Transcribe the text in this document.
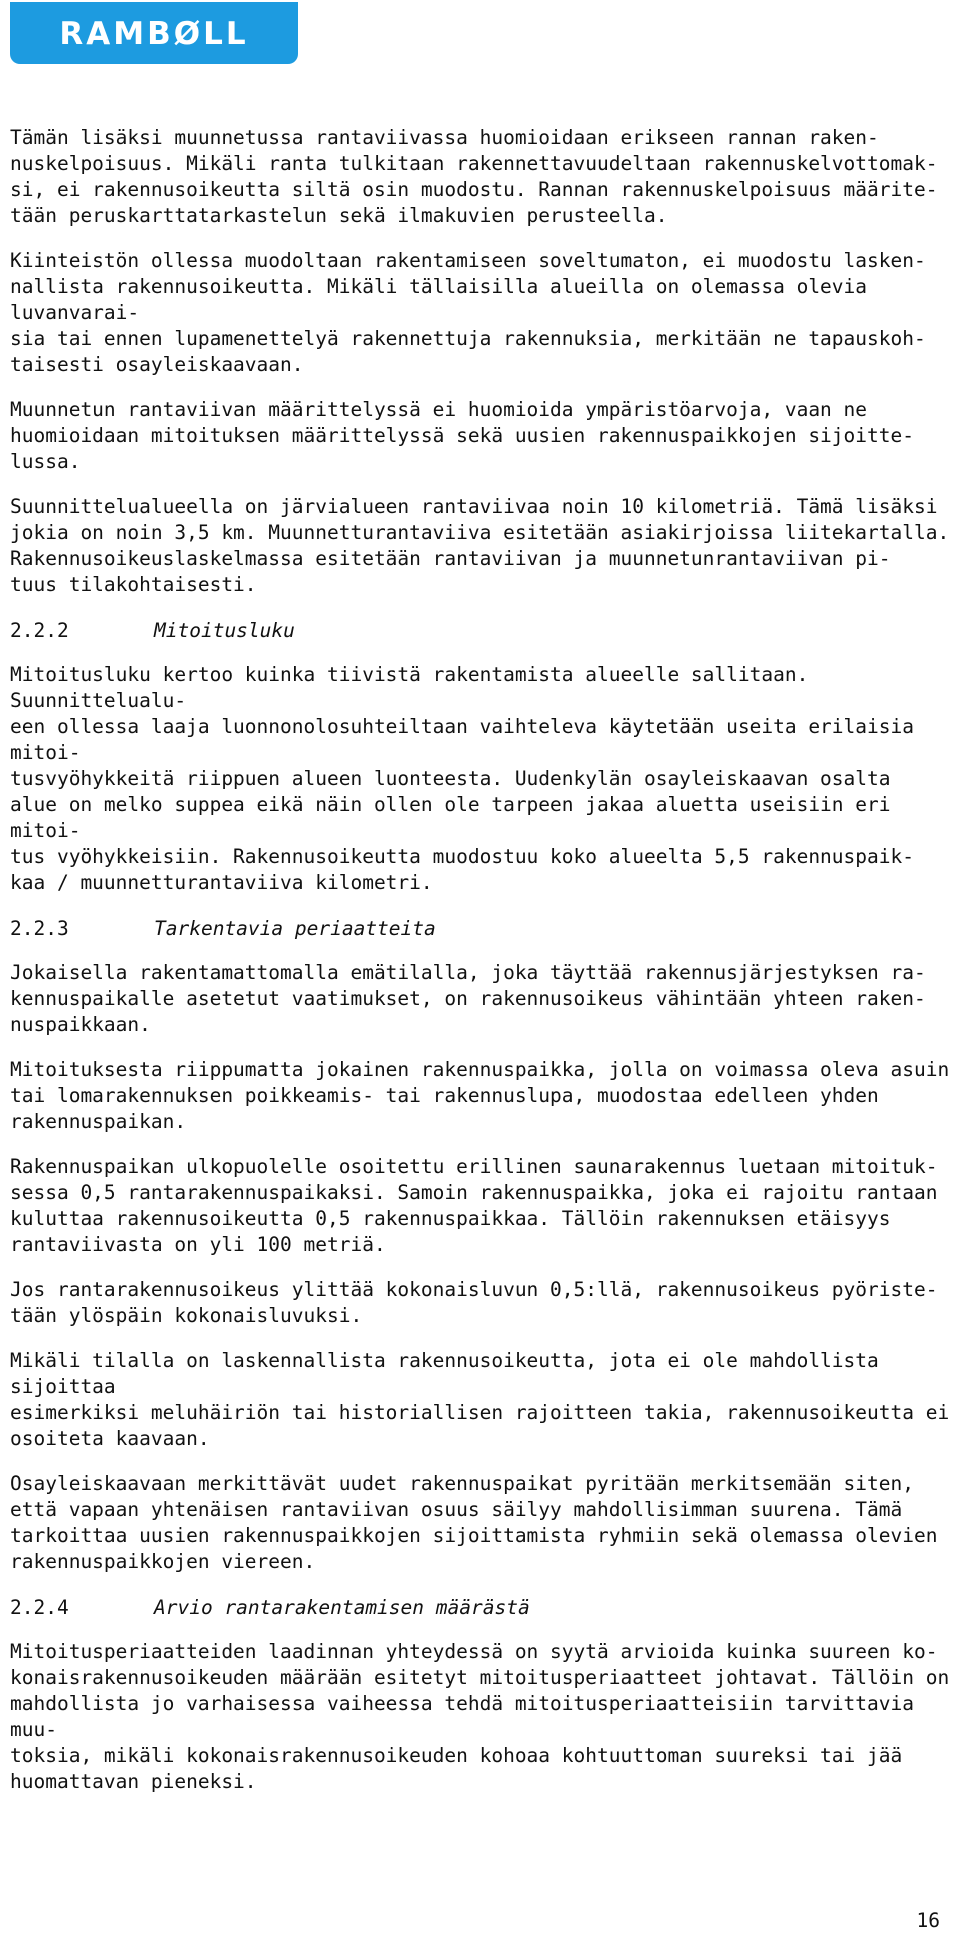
RAMBØLL

Tämän lisäksi muunnetussa rantaviivassa huomioidaan erikseen rannan raken-
nuskelpoisuus. Mikäli ranta tulkitaan rakennettavuudeltaan rakennuskelvottomak-
si, ei rakennusoikeutta siltä osin muodostu. Rannan rakennuskelpoisuus määrite-
tään peruskarttatarkastelun sekä ilmakuvien perusteella.

Kiinteistön ollessa muodoltaan rakentamiseen soveltumaton, ei muodostu lasken-
nallista rakennusoikeutta. Mikäli tällaisilla alueilla on olemassa olevia luvanvarai-
sia tai ennen lupamenettelyä rakennettuja rakennuksia, merkitään ne tapauskoh-
taisesti osayleiskaavaan.

Muunnetun rantaviivan määrittelyssä ei huomioida ympäristöarvoja, vaan ne
huomioidaan mitoituksen määrittelyssä sekä uusien rakennuspaikkojen sijoitte-
lussa.

Suunnittelualueella on järvialueen rantaviivaa noin 10 kilometriä. Tämä lisäksi
jokia on noin 3,5 km. Muunnetturantaviiva esitetään asiakirjoissa liitekartalla.
Rakennusoikeuslaskelmassa esitetään rantaviivan ja muunnetunrantaviivan pi-
tuus tilakohtaisesti.

2.2.2	Mitoitusluku

Mitoitusluku kertoo kuinka tiivistä rakentamista alueelle sallitaan. Suunnittelualu-
een ollessa laaja luonnonolosuhteiltaan vaihteleva käytetään useita erilaisia mitoi-
tusvyöhykkeitä riippuen alueen luonteesta. Uudenkylän osayleiskaavan osalta
alue on melko suppea eikä näin ollen ole tarpeen jakaa aluetta useisiin eri mitoi-
tus vyöhykkeisiin. Rakennusoikeutta muodostuu koko alueelta 5,5 rakennuspaik-
kaa / muunnetturantaviiva kilometri.

2.2.3	Tarkentavia periaatteita

Jokaisella rakentamattomalla emätilalla, joka täyttää rakennusjärjestyksen ra-
kennuspaikalle asetetut vaatimukset, on rakennusoikeus vähintään yhteen raken-
nuspaikkaan.

Mitoituksesta riippumatta jokainen rakennuspaikka, jolla on voimassa oleva asuin
tai lomarakennuksen poikkeamis- tai rakennuslupa, muodostaa edelleen yhden
rakennuspaikan.

Rakennuspaikan ulkopuolelle osoitettu erillinen saunarakennus luetaan mitoituk-
sessa 0,5 rantarakennuspaikaksi. Samoin rakennuspaikka, joka ei rajoitu rantaan
kuluttaa rakennusoikeutta 0,5 rakennuspaikkaa. Tällöin rakennuksen etäisyys
rantaviivasta on yli 100 metriä.

Jos rantarakennusoikeus ylittää kokonaisluvun 0,5:llä, rakennusoikeus pyöriste-
tään ylöspäin kokonaisluvuksi.

Mikäli tilalla on laskennallista rakennusoikeutta, jota ei ole mahdollista sijoittaa
esimerkiksi meluhäiriön tai historiallisen rajoitteen takia, rakennusoikeutta ei
osoiteta kaavaan.

Osayleiskaavaan merkittävät uudet rakennuspaikat pyritään merkitsemään siten,
että vapaan yhtenäisen rantaviivan osuus säilyy mahdollisimman suurena. Tämä
tarkoittaa uusien rakennuspaikkojen sijoittamista ryhmiin sekä olemassa olevien
rakennuspaikkojen viereen.

2.2.4	Arvio rantarakentamisen määrästä

Mitoitusperiaatteiden laadinnan yhteydessä on syytä arvioida kuinka suureen ko-
konaisrakennusoikeuden määrään esitetyt mitoitusperiaatteet johtavat. Tällöin on
mahdollista jo varhaisessa vaiheessa tehdä mitoitusperiaatteisiin tarvittavia muu-
toksia, mikäli kokonaisrakennusoikeuden kohoaa kohtuuttoman suureksi tai jää
huomattavan pieneksi.

16
